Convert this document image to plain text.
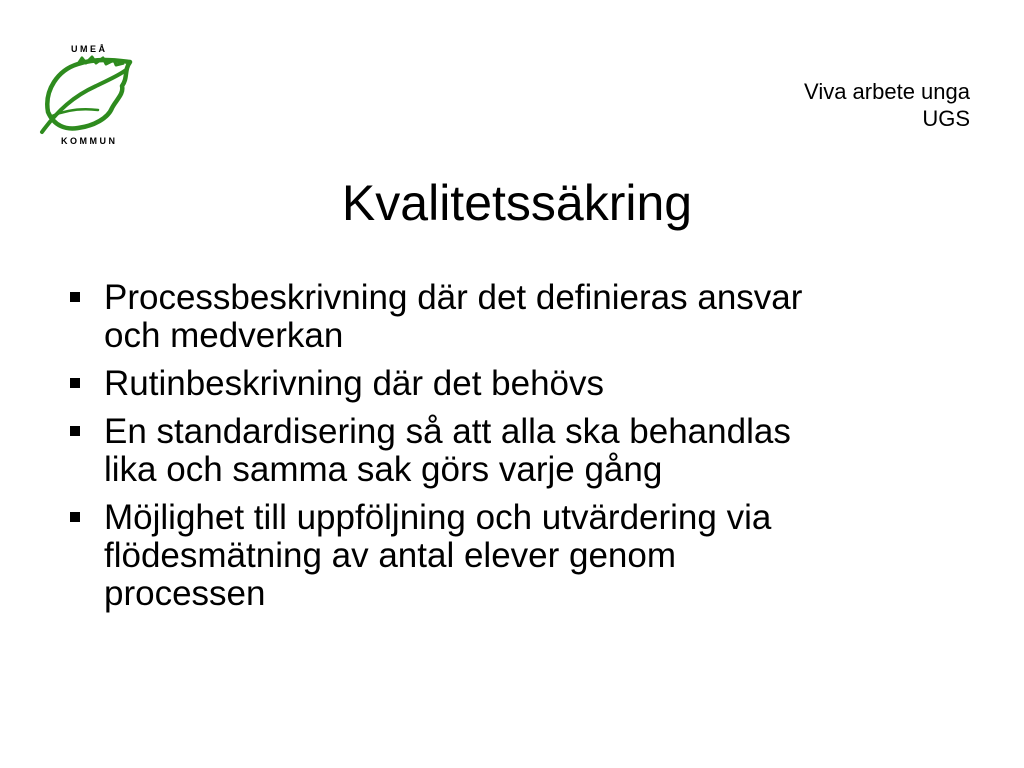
U M E Å
K O M M U N
Viva arbete unga
UGS
Kvalitetssäkring
Processbeskrivning där det definieras ansvar
och medverkan
Rutinbeskrivning där det behövs
En standardisering så att alla ska behandlas
lika och samma sak görs varje gång
Möjlighet till uppföljning och utvärdering via
flödesmätning av antal elever genom
processen
